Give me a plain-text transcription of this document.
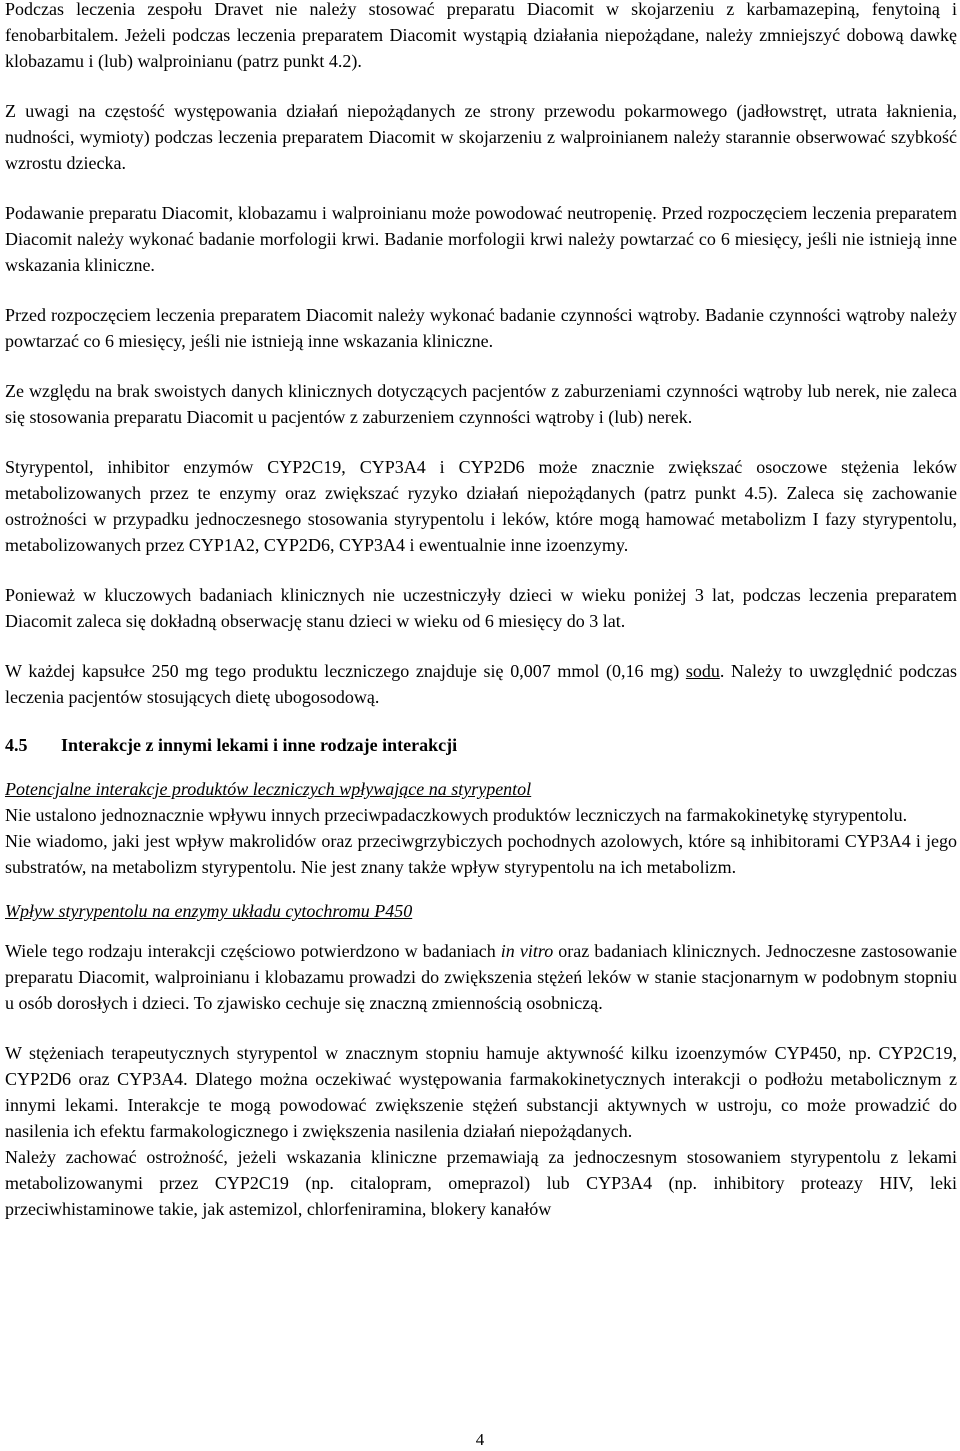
Podczas leczenia zespołu Dravet nie należy stosować preparatu Diacomit w skojarzeniu z karbamazepiną, fenytoiną i fenobarbitalem. Jeżeli podczas leczenia preparatem Diacomit wystąpią działania niepożądane, należy zmniejszyć dobową dawkę klobazamu i (lub) walproinianu (patrz punkt 4.2).

Z uwagi na częstość występowania działań niepożądanych ze strony przewodu pokarmowego (jadłowstręt, utrata łaknienia, nudności, wymioty) podczas leczenia preparatem Diacomit w skojarzeniu z walproinianem należy starannie obserwować szybkość wzrostu dziecka.

Podawanie preparatu Diacomit, klobazamu i walproinianu może powodować neutropenię. Przed rozpoczęciem leczenia preparatem Diacomit należy wykonać badanie morfologii krwi. Badanie morfologii krwi należy powtarzać co 6 miesięcy, jeśli nie istnieją inne wskazania kliniczne.

Przed rozpoczęciem leczenia preparatem Diacomit należy wykonać badanie czynności wątroby. Badanie czynności wątroby należy powtarzać co 6 miesięcy, jeśli nie istnieją inne wskazania kliniczne.

Ze względu na brak swoistych danych klinicznych dotyczących pacjentów z zaburzeniami czynności wątroby lub nerek, nie zaleca się stosowania preparatu Diacomit u pacjentów z zaburzeniem czynności wątroby i (lub) nerek.

Styrypentol, inhibitor enzymów CYP2C19, CYP3A4 i CYP2D6 może znacznie zwiększać osoczowe stężenia leków metabolizowanych przez te enzymy oraz zwiększać ryzyko działań niepożądanych (patrz punkt 4.5). Zaleca się zachowanie ostrożności w przypadku jednoczesnego stosowania styrypentolu i leków, które mogą hamować metabolizm I fazy styrypentolu, metabolizowanych przez CYP1A2, CYP2D6, CYP3A4 i ewentualnie inne izoenzymy.

Ponieważ w kluczowych badaniach klinicznych nie uczestniczyły dzieci w wieku poniżej 3 lat, podczas leczenia preparatem Diacomit zaleca się dokładną obserwację stanu dzieci w wieku od 6 miesięcy do 3 lat.

W każdej kapsułce 250 mg tego produktu leczniczego znajduje się 0,007 mmol (0,16 mg) sodu. Należy to uwzględnić podczas leczenia pacjentów stosujących dietę ubogosodową.

4.5 Interakcje z innymi lekami i inne rodzaje interakcji

Potencjalne interakcje produktów leczniczych wpływające na styrypentol

Nie ustalono jednoznacznie wpływu innych przeciwpadaczkowych produktów leczniczych na farmakokinetykę styrypentolu.

Nie wiadomo, jaki jest wpływ makrolidów oraz przeciwgrzybiczych pochodnych azolowych, które są inhibitorami CYP3A4 i jego substratów, na metabolizm styrypentolu. Nie jest znany także wpływ styrypentolu na ich metabolizm.

Wpływ styrypentolu na enzymy układu cytochromu P450

Wiele tego rodzaju interakcji częściowo potwierdzono w badaniach in vitro oraz badaniach klinicznych. Jednoczesne zastosowanie preparatu Diacomit, walproinianu i klobazamu prowadzi do zwiększenia stężeń leków w stanie stacjonarnym w podobnym stopniu u osób dorosłych i dzieci. To zjawisko cechuje się znaczną zmiennością osobniczą.

W stężeniach terapeutycznych styrypentol w znacznym stopniu hamuje aktywność kilku izoenzymów CYP450, np. CYP2C19, CYP2D6 oraz CYP3A4. Dlatego można oczekiwać występowania farmakokinetycznych interakcji o podłożu metabolicznym z innymi lekami. Interakcje te mogą powodować zwiększenie stężeń substancji aktywnych w ustroju, co może prowadzić do nasilenia ich efektu farmakologicznego i zwiększenia nasilenia działań niepożądanych.

Należy zachować ostrożność, jeżeli wskazania kliniczne przemawiają za jednoczesnym stosowaniem styrypentolu z lekami metabolizowanymi przez CYP2C19 (np. citalopram, omeprazol) lub CYP3A4 (np. inhibitory proteazy HIV, leki przeciwhistaminowe takie, jak astemizol, chlorfeniramina, blokery kanałów

4
